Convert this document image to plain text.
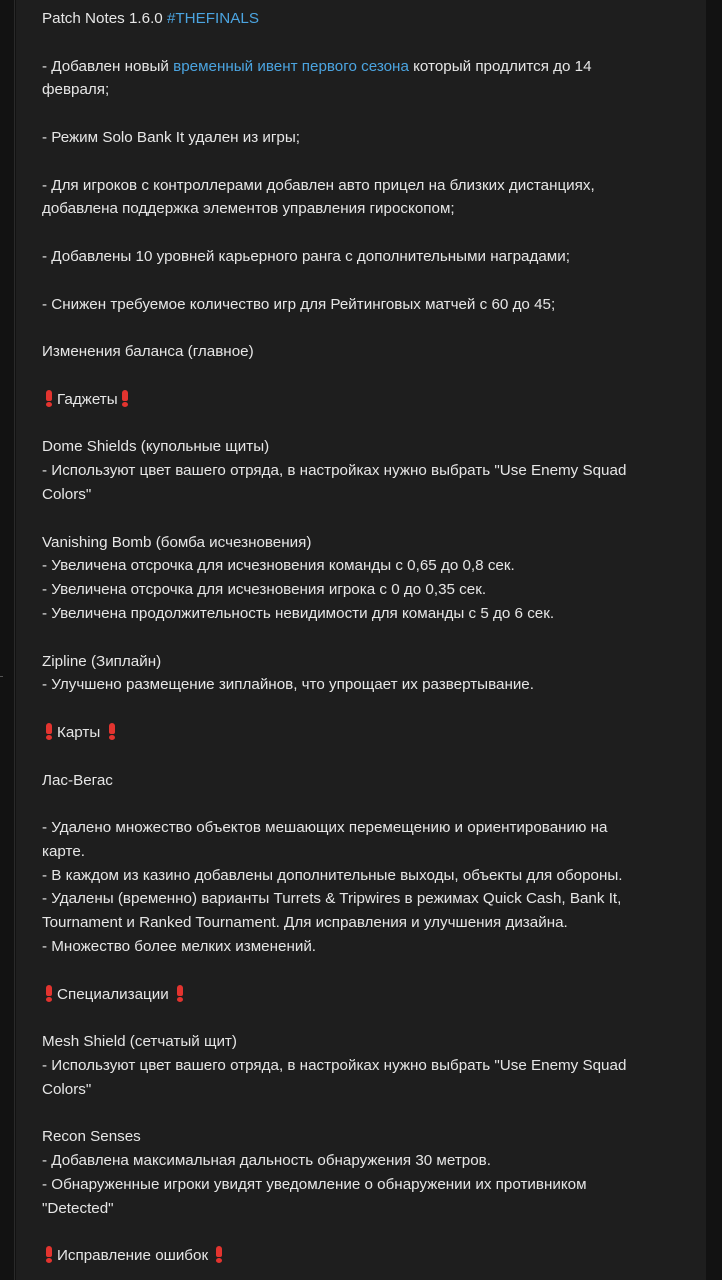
Patch Notes 1.6.0 #THEFINALS
- Добавлен новый временный ивент первого сезона который продлится до 14
февраля;
- Режим Solo Bank It удален из игры;
- Для игроков с контроллерами добавлен авто прицел на близких дистанциях,
добавлена поддержка элементов управления гироскопом;
- Добавлены 10 уровней карьерного ранга с дополнительными наградами;
- Снижен требуемое количество игр для Рейтинговых матчей с 60 до 45;
Изменения баланса (главное)
Гаджеты
Dome Shields (купольные щиты)
- Используют цвет вашего отряда, в настройках нужно выбрать "Use Enemy Squad
Colors"
Vanishing Bomb (бомба исчезновения)
- Увеличена отсрочка для исчезновения команды с 0,65 до 0,8 сек.
- Увеличена отсрочка для исчезновения игрока с 0 до 0,35 сек.
- Увеличена продолжительность невидимости для команды с 5 до 6 сек.
Zipline (Зиплайн)
- Улучшено размещение зиплайнов, что упрощает их развертывание.
Карты
Лас-Вегас
- Удалено множество объектов мешающих перемещению и ориентированию на
карте.
- В каждом из казино добавлены дополнительные выходы, объекты для обороны.
- Удалены (временно) варианты Turrets & Tripwires в режимах Quick Cash, Bank It,
Tournament и Ranked Tournament. Для исправления и улучшения дизайна.
- Множество более мелких изменений.
Специализации
Mesh Shield (сетчатый щит)
- Используют цвет вашего отряда, в настройках нужно выбрать "Use Enemy Squad
Colors"
Recon Senses
- Добавлена максимальная дальность обнаружения 30 метров.
- Обнаруженные игроки увидят уведомление о обнаружении их противником
"Detected"
Исправление ошибок
